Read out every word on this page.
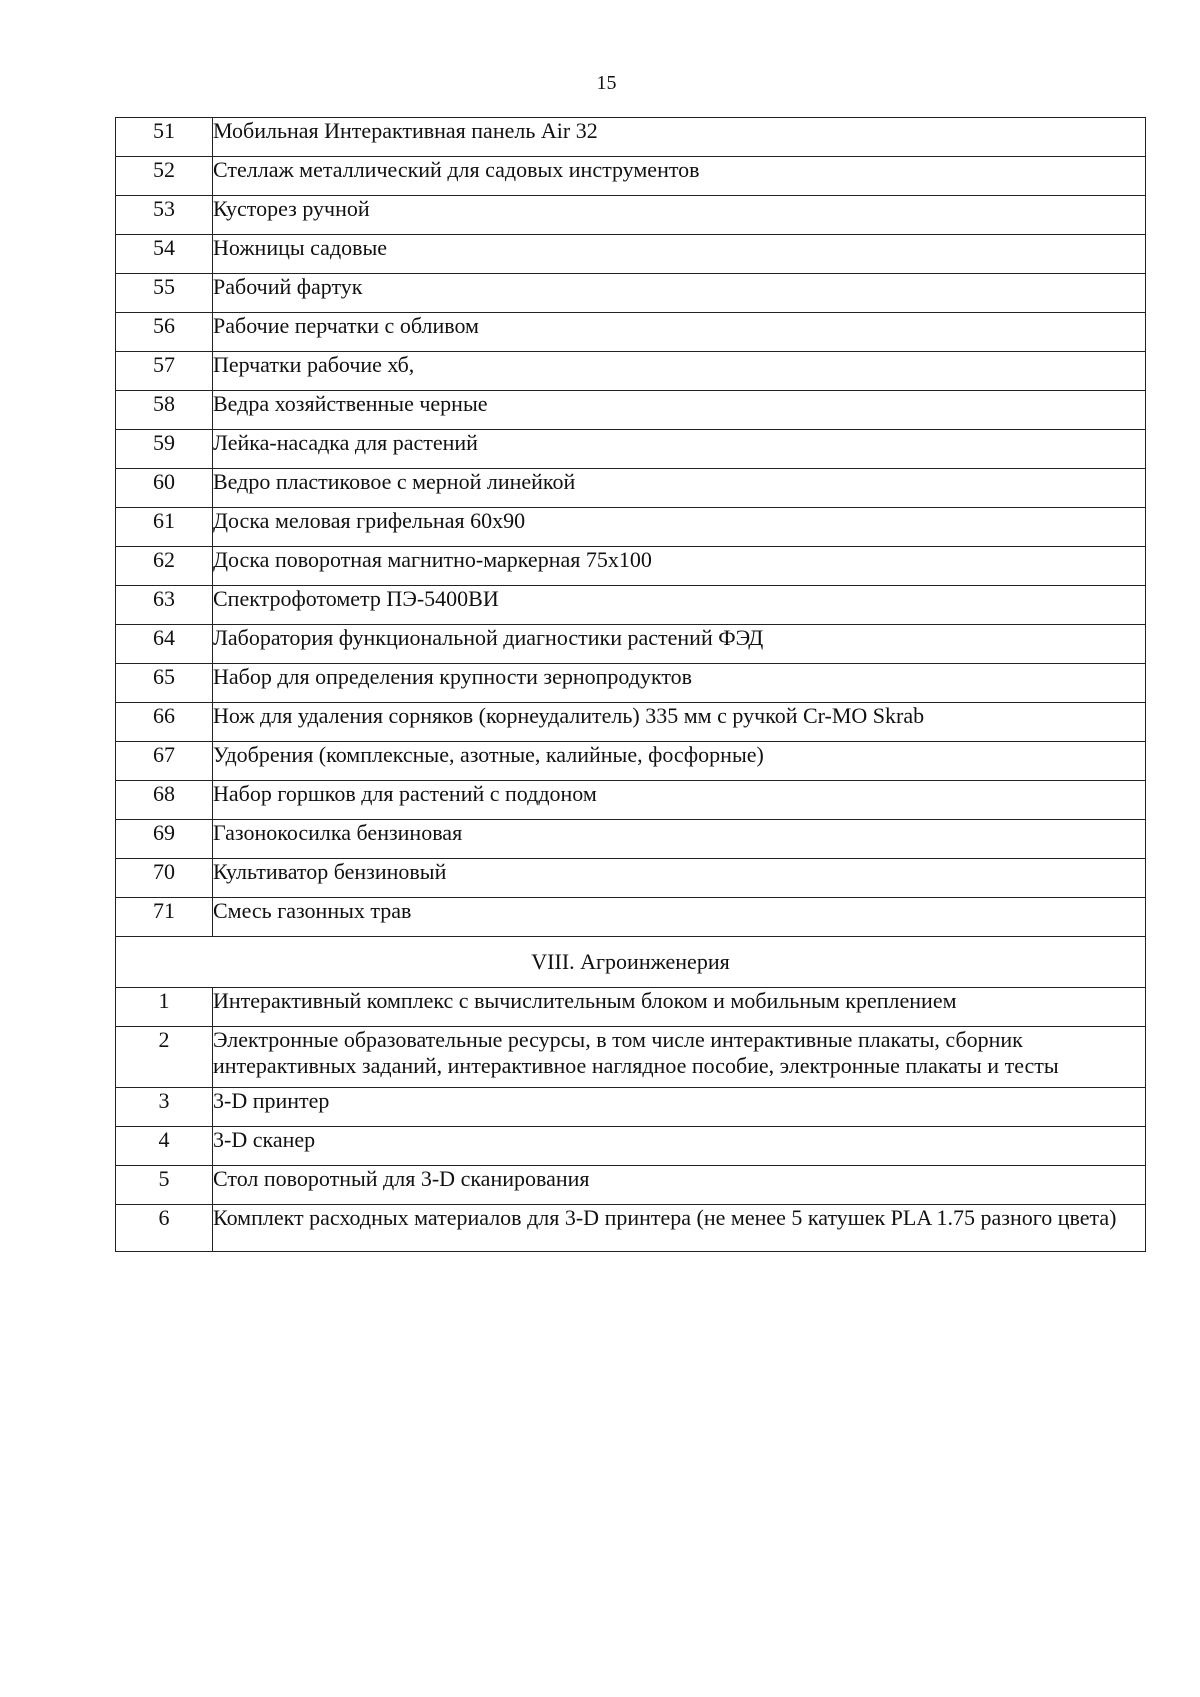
15
51	Мобильная Интерактивная панель Air 32
52	Стеллаж металлический для садовых инструментов
53	Кусторез ручной
54	Ножницы садовые
55	Рабочий фартук
56	Рабочие перчатки с обливом
57	Перчатки рабочие хб,
58	Ведра хозяйственные черные
59	Лейка-насадка для растений
60	Ведро пластиковое с мерной линейкой
61	Доска меловая грифельная 60х90
62	Доска поворотная магнитно-маркерная 75х100
63	Спектрофотометр ПЭ-5400ВИ
64	Лаборатория функциональной диагностики растений ФЭД
65	Набор для определения крупности зернопродуктов
66	Нож для удаления сорняков (корнеудалитель) 335 мм с ручкой Cr-MO Skrab
67	Удобрения (комплексные, азотные, калийные, фосфорные)
68	Набор горшков для растений с поддоном
69	Газонокосилка бензиновая
70	Культиватор бензиновый
71	Смесь газонных трав
VIII. Агроинженерия	
1	Интерактивный комплекс с вычислительным блоком и мобильным креплением
2	Электронные образовательные ресурсы, в том числе интерактивные плакаты, сборник интерактивных заданий, интерактивное наглядное пособие, электронные плакаты и тесты
3	3-D принтер
4	3-D сканер
5	Стол поворотный для 3-D сканирования
6	Комплект расходных материалов для 3-D принтера (не менее 5 катушек PLA 1.75 разного цвета)
